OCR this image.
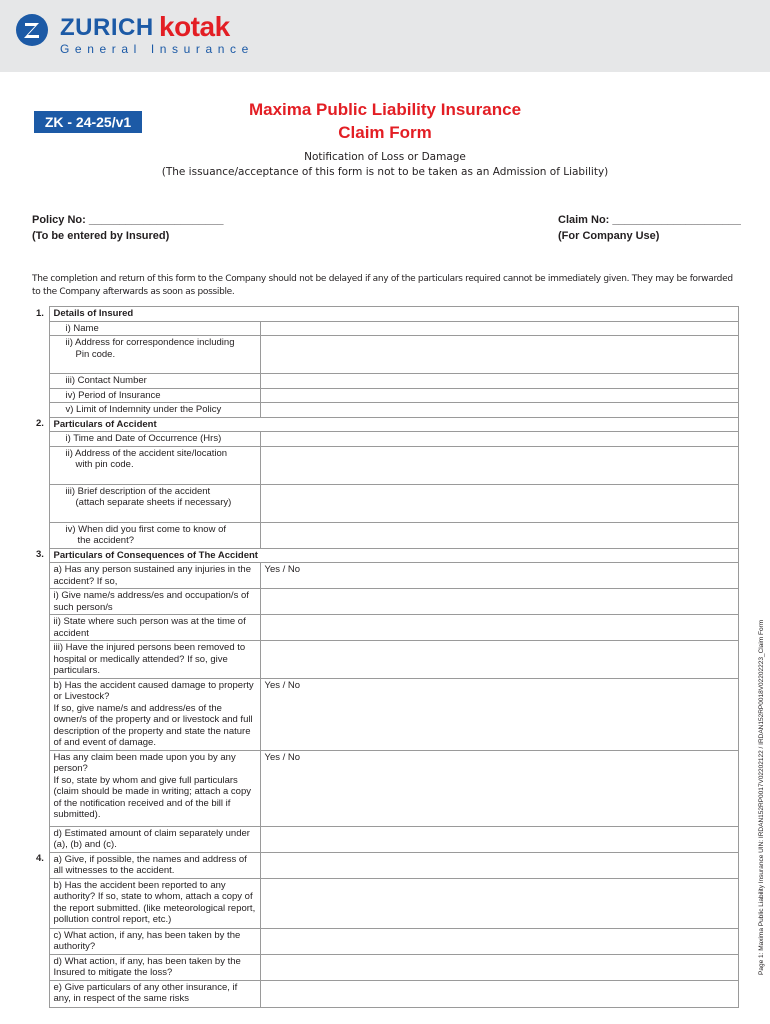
ZURICH kotak
General Insurance
ZK - 24-25/v1
Maxima Public Liability Insurance
Claim Form
Notification of Loss or Damage
(The issuance/acceptance of this form is not to be taken as an Admission of Liability)
Policy No: ______________________
(To be entered by Insured)
Claim No: _____________________
(For Company Use)
The completion and return of this form to the Company should not be delayed if any of the particulars required cannot be immediately given. They may be forwarded to the Company afterwards as soon as possible.
1.	Details of Insured	
	i) Name	

	ii) Address for correspondence including
Pin code.	

	iii) Contact Number	
	iv) Period of Insurance	
	v) Limit of Indemnity under the Policy	
2.	Particulars of Accident	
	i) Time and Date of Occurrence (Hrs)	

	ii) Address of the accident site/location
with pin code.	

	iii) Brief description of the accident
(attach separate sheets if necessary)	

	iv) When did you first come to know of
the accident?	

3.	Particulars of Consequences of The Accident	
	a) Has any person sustained any injuries in the accident? If so,	Yes / No
	i) Give name/s address/es and occupation/s of such person/s	
	ii) State where such person was at the time of accident	
	iii) Have the injured persons been removed to hospital or medically attended? If so, give particulars.	

	b) Has the accident caused damage to property or Livestock?
If so, give name/s and address/es of the owner/s of the property and or livestock and full description of the property and state the nature of and event of damage.	Yes / No

	Has any claim been made upon you by any person?
If so, state by whom and give full particulars (claim should be made in writing; attach a copy of the notification received and of the bill if submitted).	Yes / No
	d) Estimated amount of claim separately under (a), (b) and (c).	
4.	a) Give, if possible, the names and address of all witnesses to the accident.	
	b) Has the accident been reported to any authority? If so, state to whom, attach a copy of the report submitted. (like meteorological report, pollution control report, etc.)	
	c) What action, if any, has been taken by the authority?	
	d) What action, if any, has been taken by the Insured to mitigate the loss?	
	e) Give particulars of any other insurance, if any, in respect of the same risks	
Page 1: Maxima Public Liability Insurance UIN: IRDAN152RP0017V02202122 / IRDAN152RP0018V02202223_Claim Form
